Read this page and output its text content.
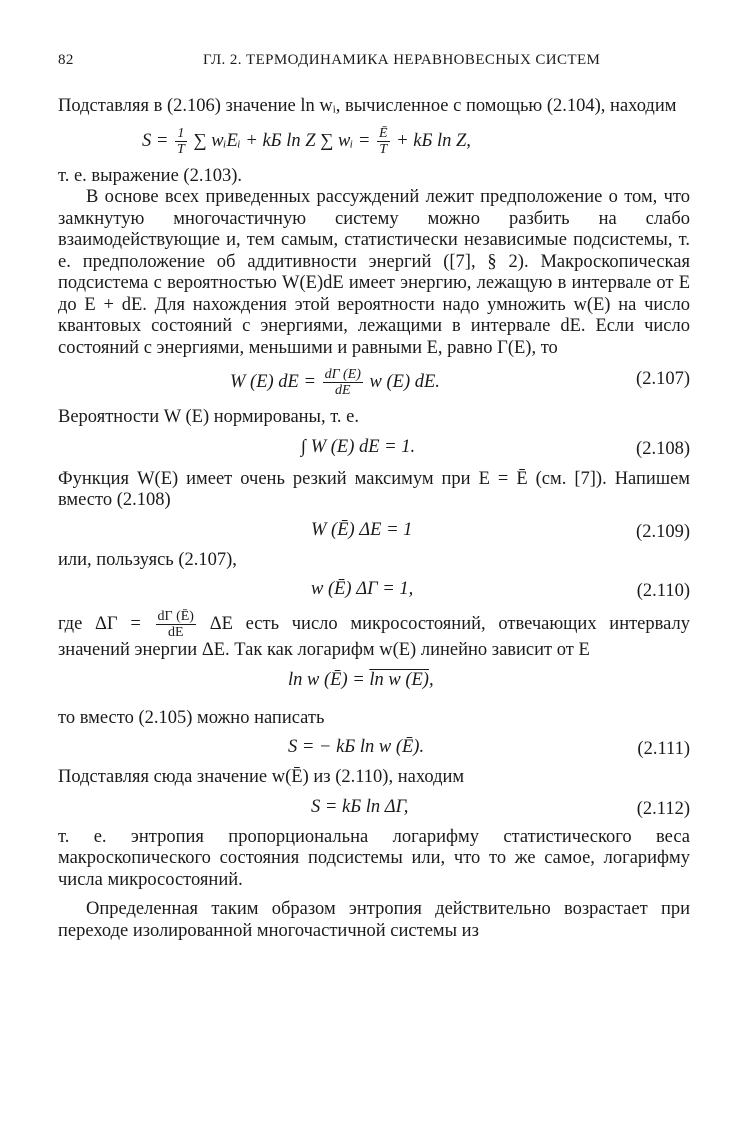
82	ГЛ. 2. ТЕРМОДИНАМИКА НЕРАВНОВЕСНЫХ СИСТЕМ

Подставляя в (2.106) значение ln wᵢ, вычисленное с помощью (2.104), находим

$S = \frac{1}{T}$ ∑ wᵢEᵢ + kБ ln Z ∑ wᵢ = $\frac{Ē}{T}$ + kБ ln Z,

т. е. выражение (2.103).

В основе всех приведенных рассуждений лежит предположение о том, что замкнутую многочастичную систему можно разбить на слабо взаимодействующие и, тем самым, статистически независимые подсистемы, т. е. предположение об аддитивности энергий ([7], § 2). Макроскопическая подсистема с вероятностью W(E)dE имеет энергию, лежащую в интервале от E до E + dE. Для нахождения этой вероятности надо умножить w(E) на число квантовых состояний с энергиями, лежащими в интервале dE. Если число состояний с энергиями, меньшими и равными E, равно Γ(E), то

W (E) dE = $\frac{d\Gamma (E)}{dE}$ w (E) dE.	(2.107)

Вероятности W (E) нормированы, т. е.

∫ W (E) dE = 1.	(2.108)

Функция W(E) имеет очень резкий максимум при E = Ē (см. [7]). Напишем вместо (2.108)

W (Ē) ΔE = 1	(2.109)

или, пользуясь (2.107),

w (Ē) ΔΓ = 1,	(2.110)

где $\Delta\Gamma = \frac{d\Gamma (Ē)}{dE}$ ΔE есть число микросостояний, отвечающих интервалу значений энергии ΔE. Так как логарифм w(E) линейно зависит от E

ln w (Ē) = ln w (E),

то вместо (2.105) можно написать

S = − kБ ln w (Ē).	(2.111)

Подставляя сюда значение w(Ē) из (2.110), находим

S = kБ ln ΔΓ,	(2.112)

т. е. энтропия пропорциональна логарифму статистического веса макроскопического состояния подсистемы или, что то же самое, логарифму числа микросостояний.

Определенная таким образом энтропия действительно возрастает при переходе изолированной многочастичной системы из
